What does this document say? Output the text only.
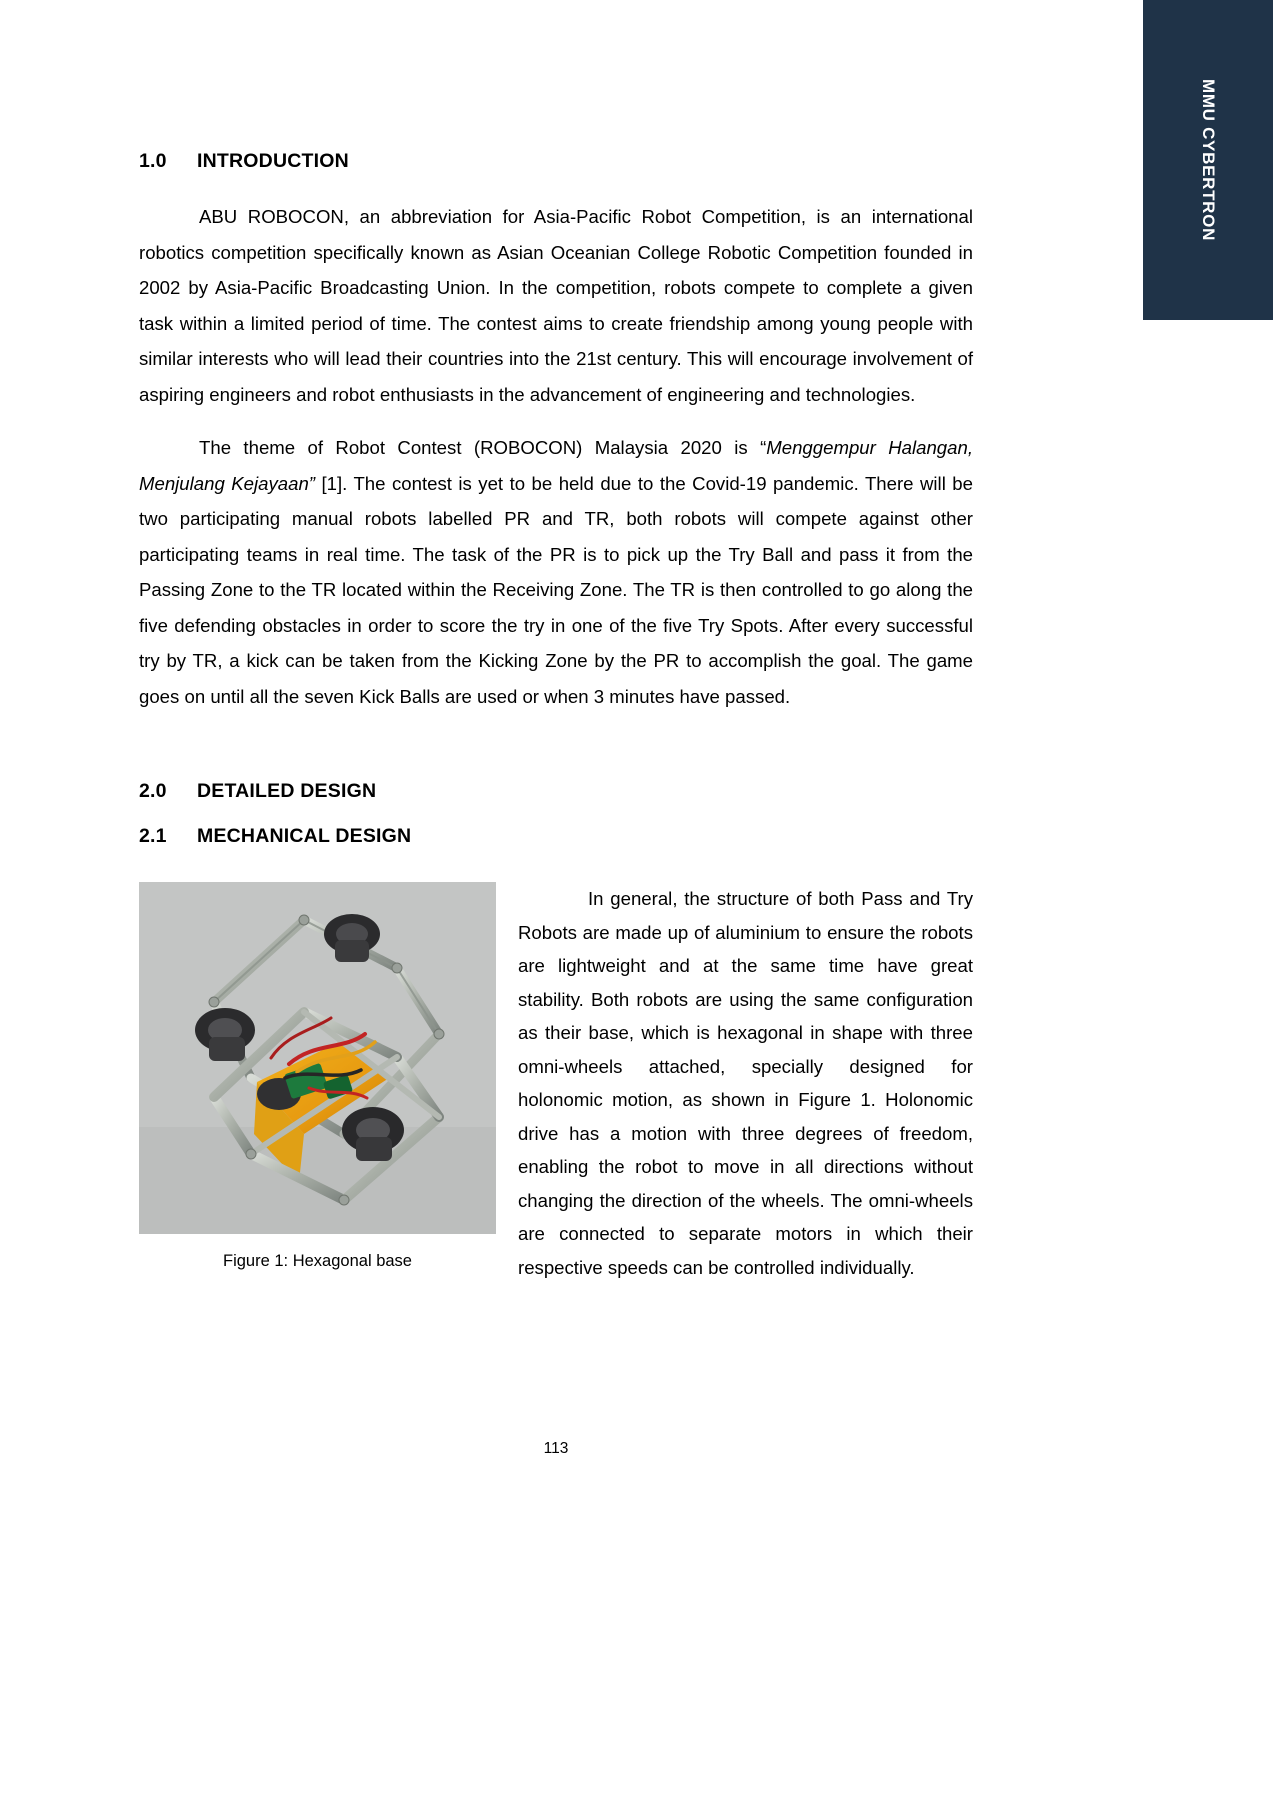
MMU CYBERTRON
1.0	INTRODUCTION

ABU ROBOCON, an abbreviation for Asia-Pacific Robot Competition, is an international robotics competition specifically known as Asian Oceanian College Robotic Competition founded in 2002 by Asia-Pacific Broadcasting Union. In the competition, robots compete to complete a given task within a limited period of time. The contest aims to create friendship among young people with similar interests who will lead their countries into the 21st century. This will encourage involvement of aspiring engineers and robot enthusiasts in the advancement of engineering and technologies.

The theme of Robot Contest (ROBOCON) Malaysia 2020 is “Menggempur Halangan, Menjulang Kejayaan” [1]. The contest is yet to be held due to the Covid-19 pandemic. There will be two participating manual robots labelled PR and TR, both robots will compete against other participating teams in real time. The task of the PR is to pick up the Try Ball and pass it from the Passing Zone to the TR located within the Receiving Zone. The TR is then controlled to go along the five defending obstacles in order to score the try in one of the five Try Spots. After every successful try by TR, a kick can be taken from the Kicking Zone by the PR to accomplish the goal. The game goes on until all the seven Kick Balls are used or when 3 minutes have passed.

2.0	DETAILED DESIGN
2.1	MECHANICAL DESIGN
Figure 1: Hexagonal base

In general, the structure of both Pass and Try Robots are made up of aluminium to ensure the robots are lightweight and at the same time have great stability. Both robots are using the same configuration as their base, which is hexagonal in shape with three omni-wheels attached, specially designed for holonomic motion, as shown in Figure 1. Holonomic drive has a motion with three degrees of freedom, enabling the robot to move in all directions without changing the direction of the wheels. The omni-wheels are connected to separate motors in which their respective speeds can be controlled individually.

113
